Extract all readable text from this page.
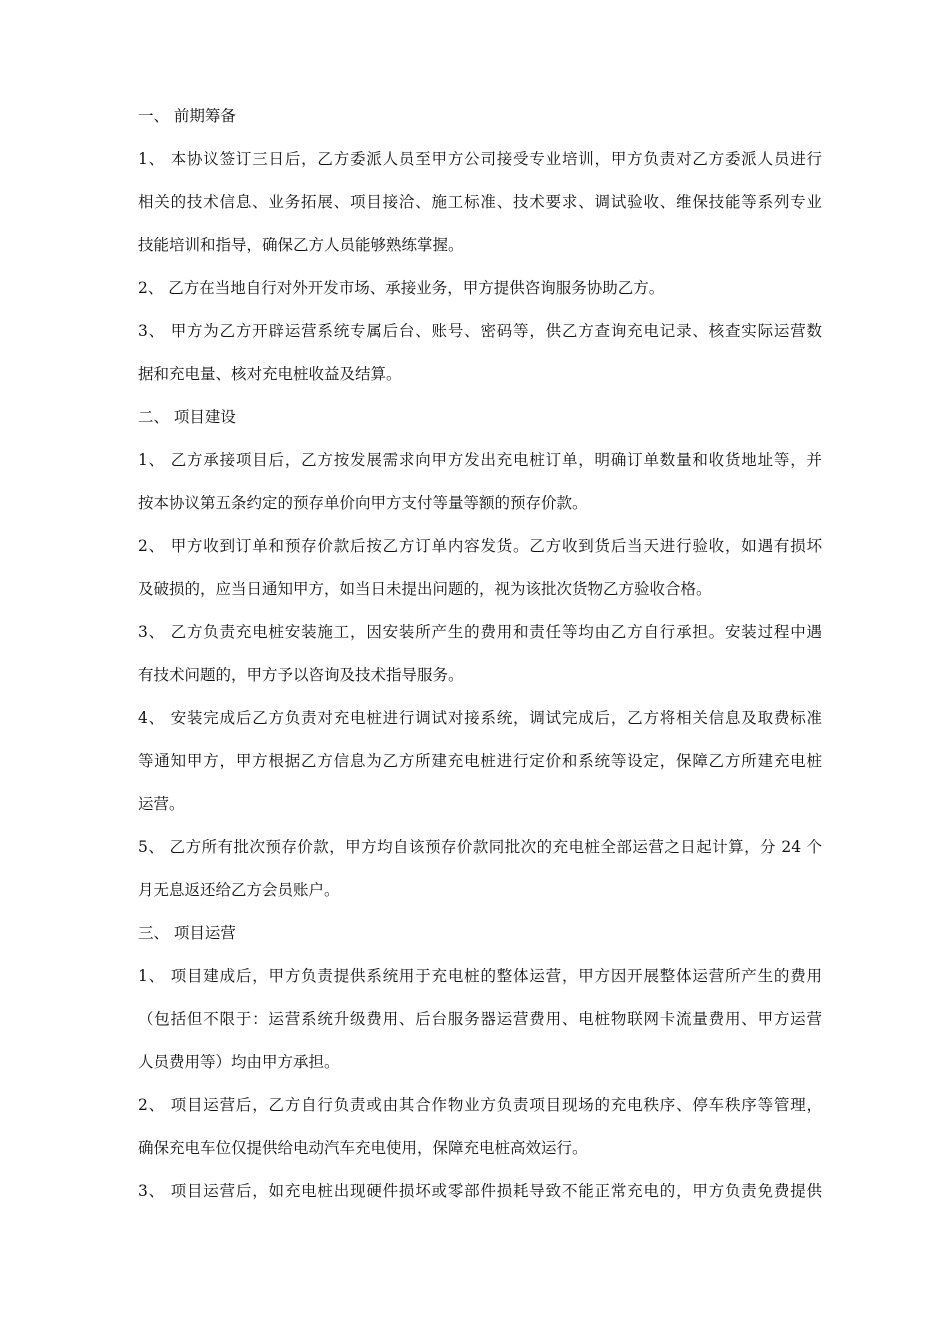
一、 前期筹备
1、 本协议签订三日后，乙方委派人员至甲方公司接受专业培训，甲方负责对乙方委派人员进行
相关的技术信息、业务拓展、项目接洽、施工标准、技术要求、调试验收、维保技能等系列专业
技能培训和指导，确保乙方人员能够熟练掌握。
2、 乙方在当地自行对外开发市场、承接业务，甲方提供咨询服务协助乙方。
3、 甲方为乙方开辟运营系统专属后台、账号、密码等，供乙方查询充电记录、核查实际运营数
据和充电量、核对充电桩收益及结算。
二、 项目建设
1、 乙方承接项目后，乙方按发展需求向甲方发出充电桩订单，明确订单数量和收货地址等，并
按本协议第五条约定的预存单价向甲方支付等量等额的预存价款。
2、 甲方收到订单和预存价款后按乙方订单内容发货。乙方收到货后当天进行验收，如遇有损坏
及破损的，应当日通知甲方，如当日未提出问题的，视为该批次货物乙方验收合格。
3、 乙方负责充电桩安装施工，因安装所产生的费用和责任等均由乙方自行承担。安装过程中遇
有技术问题的，甲方予以咨询及技术指导服务。
4、 安装完成后乙方负责对充电桩进行调试对接系统，调试完成后，乙方将相关信息及取费标准
等通知甲方，甲方根据乙方信息为乙方所建充电桩进行定价和系统等设定，保障乙方所建充电桩
运营。
5、 乙方所有批次预存价款，甲方均自该预存价款同批次的充电桩全部运营之日起计算，分 24 个
月无息返还给乙方会员账户。
三、 项目运营
1、 项目建成后，甲方负责提供系统用于充电桩的整体运营，甲方因开展整体运营所产生的费用
（包括但不限于：运营系统升级费用、后台服务器运营费用、电桩物联网卡流量费用、甲方运营
人员费用等）均由甲方承担。
2、 项目运营后，乙方自行负责或由其合作物业方负责项目现场的充电秩序、停车秩序等管理，
确保充电车位仅提供给电动汽车充电使用，保障充电桩高效运行。
3、 项目运营后，如充电桩出现硬件损坏或零部件损耗导致不能正常充电的，甲方负责免费提供
